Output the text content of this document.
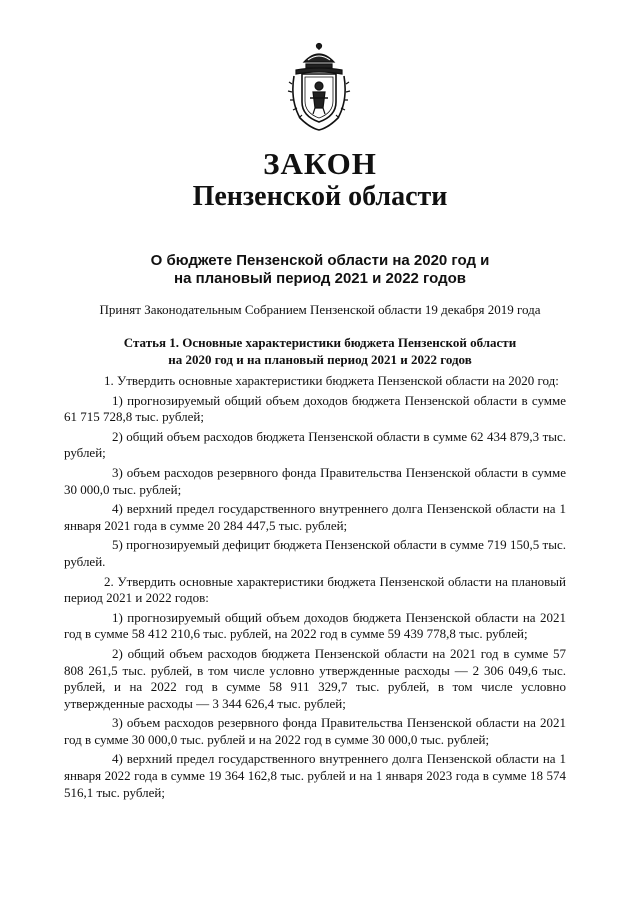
ЗАКОН
Пензенской области
О бюджете Пензенской области на 2020 год и
на плановый период 2021 и 2022 годов
Принят Законодательным Собранием Пензенской области 19 декабря 2019 года
Статья 1. Основные характеристики бюджета Пензенской области
на 2020 год и на плановый период 2021 и 2022 годов

1. Утвердить основные характеристики бюджета Пензенской области на 2020 год:

1) прогнозируемый общий объем доходов бюджета Пензенской области в сумме 61 715 728,8 тыс. рублей;

2) общий объем расходов бюджета Пензенской области в сумме 62 434 879,3 тыс. рублей;

3) объем расходов резервного фонда Правительства Пензенской области в сумме 30 000,0 тыс. рублей;

4) верхний предел государственного внутреннего долга Пензенской области на 1 января 2021 года в сумме 20 284 447,5 тыс. рублей;

5) прогнозируемый дефицит бюджета Пензенской области в сумме 719 150,5 тыс. рублей.

2. Утвердить основные характеристики бюджета Пензенской области на плановый период 2021 и 2022 годов:

1) прогнозируемый общий объем доходов бюджета Пензенской области на 2021 год в сумме 58 412 210,6 тыс. рублей, на 2022 год в сумме 59 439 778,8 тыс. рублей;

2) общий объем расходов бюджета Пензенской области на 2021 год в сумме 57 808 261,5 тыс. рублей, в том числе условно утвержденные расходы — 2 306 049,6 тыс. рублей, и на 2022 год в сумме 58 911 329,7 тыс. рублей, в том числе условно утвержденные расходы — 3 344 626,4 тыс. рублей;

3) объем расходов резервного фонда Правительства Пензенской области на 2021 год в сумме 30 000,0 тыс. рублей и на 2022 год в сумме 30 000,0 тыс. рублей;

4) верхний предел государственного внутреннего долга Пензенской области на 1 января 2022 года в сумме 19 364 162,8 тыс. рублей и на 1 января 2023 года в сумме 18 574 516,1 тыс. рублей;
